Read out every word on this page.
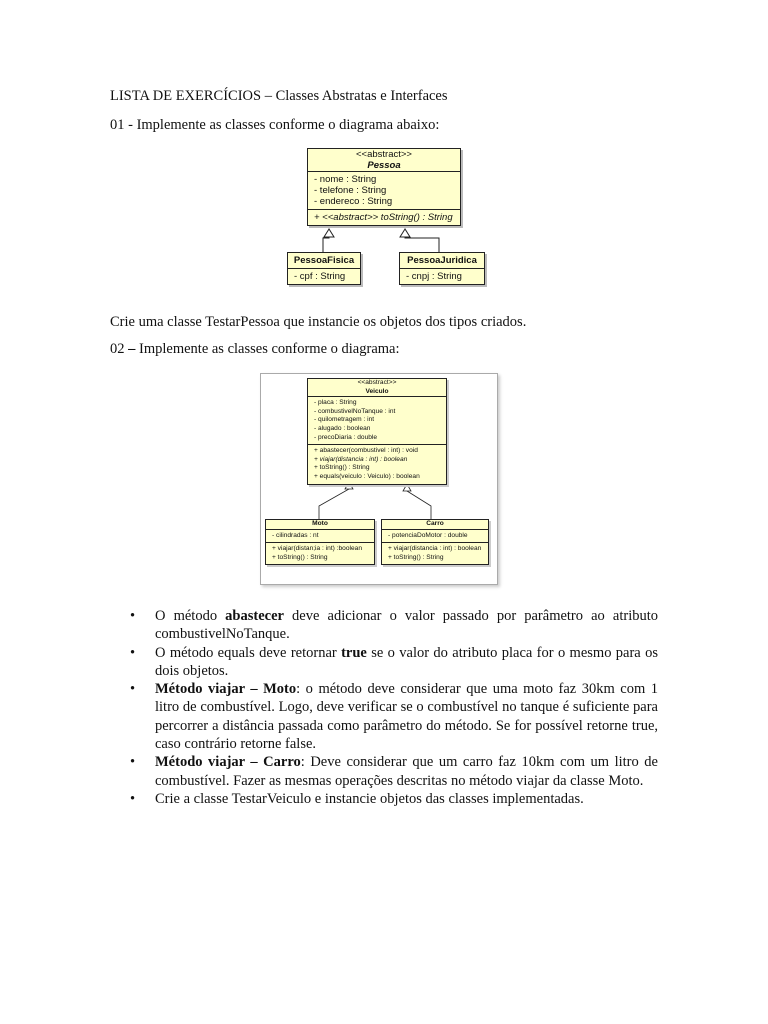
LISTA DE EXERCÍCIOS – Classes Abstratas e Interfaces
01 - Implemente as classes conforme o diagrama abaixo:
<<abstract>>
Pessoa
- nome : String
- telefone : String
- endereco : String
+ <<abstract>> toString() : String
PessoaFisica
- cpf : String
PessoaJuridica
- cnpj : String
Crie uma classe TestarPessoa que instancie os objetos dos tipos criados.
02 – Implemente as classes conforme o diagrama:
<<abstract>>
Veiculo
- placa : String
- combustivelNoTanque : int
- quilometragem : int
- alugado : boolean
- precoDiaria : double
+ abastecer(combustivel : int) : void
+ viajar(distancia : int) : boolean
+ toString() : String
+ equals(veiculo : Veiculo) : boolean
Moto
- cilindradas : nt
+ viajar(distan;ia : int) :boolean
+ toString() : String
Carro
- potenciaDoMotor : double
+ viajar(distancia : int) : boolean
+ toString() : String
• O método abastecer deve adicionar o valor passado por parâmetro ao atributo combustivelNoTanque.
• O método equals deve retornar true se o valor do atributo placa for o mesmo para os dois objetos.
• Método viajar – Moto: o método deve considerar que uma moto faz 30km com 1 litro de combustível. Logo, deve verificar se o combustível no tanque é suficiente para percorrer a distância passada como parâmetro do método. Se for possível retorne true, caso contrário retorne false.
• Método viajar – Carro: Deve considerar que um carro faz 10km com um litro de combustível. Fazer as mesmas operações descritas no método viajar da classe Moto.
• Crie a classe TestarVeiculo e instancie objetos das classes implementadas.
